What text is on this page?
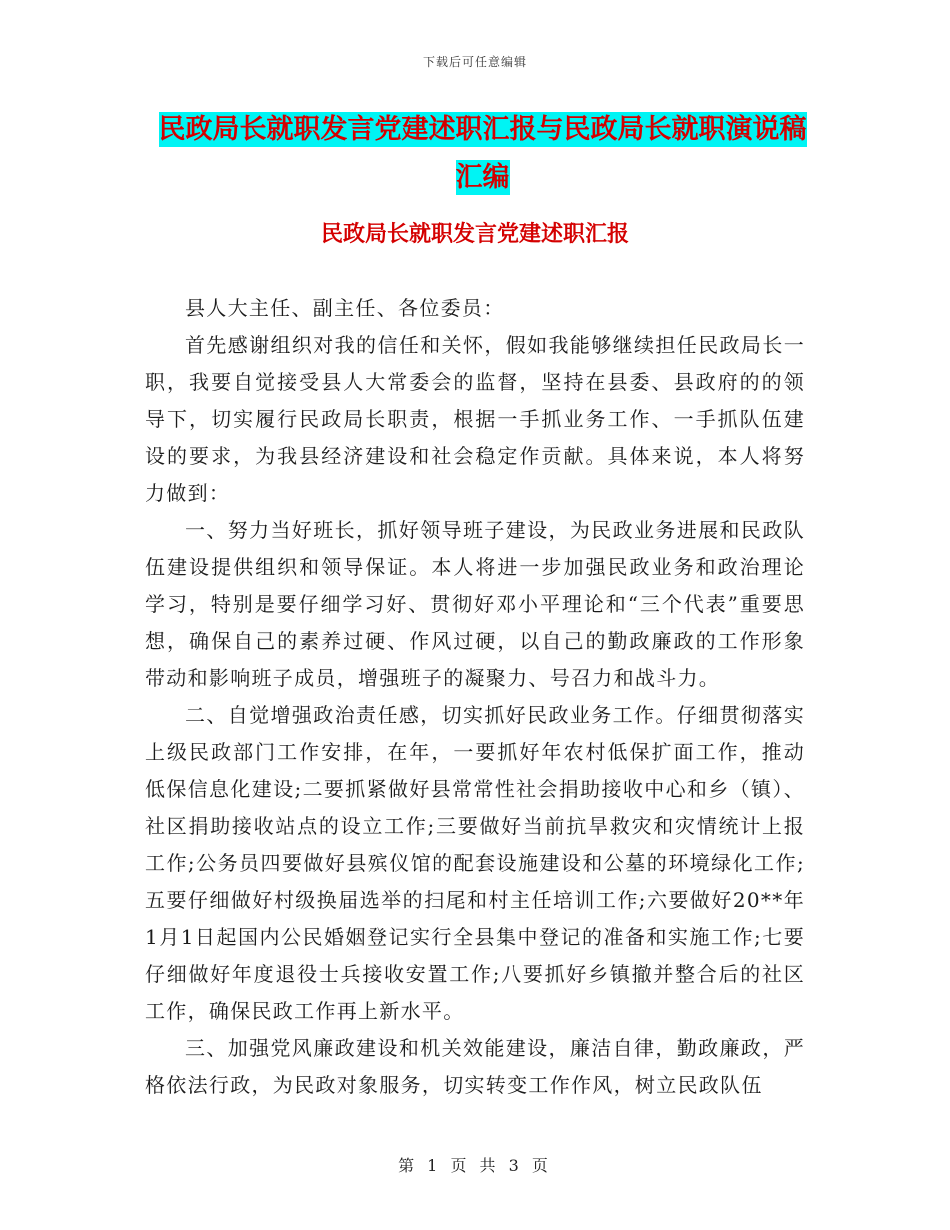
下载后可任意编辑
民政局长就职发言党建述职汇报与民政局长就职演说稿汇编
民政局长就职发言党建述职汇报

县人大主任、副主任、各位委员：

首先感谢组织对我的信任和关怀，假如我能够继续担任民政局长一职，我要自觉接受县人大常委会的监督，坚持在县委、县政府的的领导下，切实履行民政局长职责，根据一手抓业务工作、一手抓队伍建设的要求，为我县经济建设和社会稳定作贡献。具体来说，本人将努力做到：

一、努力当好班长，抓好领导班子建设，为民政业务进展和民政队伍建设提供组织和领导保证。本人将进一步加强民政业务和政治理论学习，特别是要仔细学习好、贯彻好邓小平理论和“三个代表”重要思想，确保自己的素养过硬、作风过硬，以自己的勤政廉政的工作形象带动和影响班子成员，增强班子的凝聚力、号召力和战斗力。

二、自觉增强政治责任感，切实抓好民政业务工作。仔细贯彻落实上级民政部门工作安排，在年，一要抓好年农村低保扩面工作，推动低保信息化建设;二要抓紧做好县常常性社会捐助接收中心和乡（镇）、社区捐助接收站点的设立工作;三要做好当前抗旱救灾和灾情统计上报工作;公务员四要做好县殡仪馆的配套设施建设和公墓的环境绿化工作;五要仔细做好村级换届选举的扫尾和村主任培训工作;六要做好20**年1月1日起国内公民婚姻登记实行全县集中登记的准备和实施工作;七要仔细做好年度退役士兵接收安置工作;八要抓好乡镇撤并整合后的社区工作，确保民政工作再上新水平。

三、加强党风廉政建设和机关效能建设，廉洁自律，勤政廉政，严格依法行政，为民政对象服务，切实转变工作作风，树立民政队伍

第 1 页 共 3 页
